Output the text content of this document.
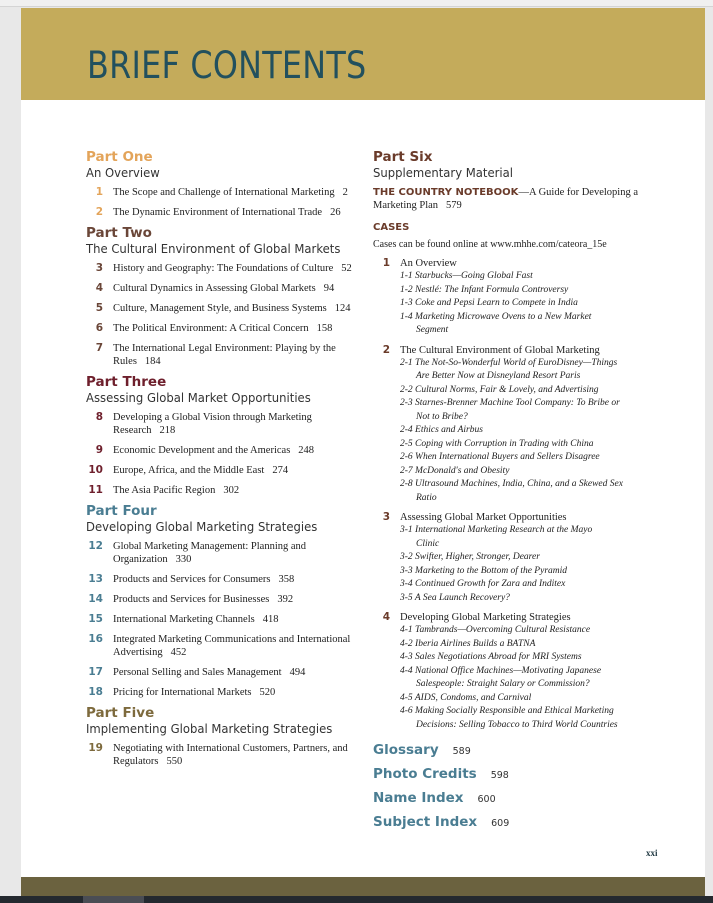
BRIEF CONTENTS
xxi
Part One
An Overview
1 The Scope and Challenge of International Marketing 2
2 The Dynamic Environment of International Trade 26
Part Two
The Cultural Environment of Global Markets
3 History and Geography: The Foundations of Culture 52
4 Cultural Dynamics in Assessing Global Markets 94
5 Culture, Management Style, and Business Systems 124
6 The Political Environment: A Critical Concern 158
7 The International Legal Environment: Playing by the Rules 184
Part Three
Assessing Global Market Opportunities
8 Developing a Global Vision through Marketing Research 218
9 Economic Development and the Americas 248
10 Europe, Africa, and the Middle East 274
11 The Asia Pacific Region 302
Part Four
Developing Global Marketing Strategies
12 Global Marketing Management: Planning and Organization 330
13 Products and Services for Consumers 358
14 Products and Services for Businesses 392
15 International Marketing Channels 418
16 Integrated Marketing Communications and International Advertising 452
17 Personal Selling and Sales Management 494
18 Pricing for International Markets 520
Part Five
Implementing Global Marketing Strategies
19 Negotiating with International Customers, Partners, and Regulators 550
Part Six
Supplementary Material
THE COUNTRY NOTEBOOK—A Guide for Developing a Marketing Plan 579
CASES
Cases can be found online at www.mhhe.com/cateora_15e
1 An Overview
1-1 Starbucks—Going Global Fast
1-2 Nestlé: The Infant Formula Controversy
1-3 Coke and Pepsi Learn to Compete in India
1-4 Marketing Microwave Ovens to a New Market
Segment
2 The Cultural Environment of Global Marketing
2-1 The Not-So-Wonderful World of EuroDisney—Things
Are Better Now at Disneyland Resort Paris
2-2 Cultural Norms, Fair & Lovely, and Advertising
2-3 Starnes-Brenner Machine Tool Company: To Bribe or
Not to Bribe?
2-4 Ethics and Airbus
2-5 Coping with Corruption in Trading with China
2-6 When International Buyers and Sellers Disagree
2-7 McDonald's and Obesity
2-8 Ultrasound Machines, India, China, and a Skewed Sex
Ratio
3 Assessing Global Market Opportunities
3-1 International Marketing Research at the Mayo
Clinic
3-2 Swifter, Higher, Stronger, Dearer
3-3 Marketing to the Bottom of the Pyramid
3-4 Continued Growth for Zara and Inditex
3-5 A Sea Launch Recovery?
4 Developing Global Marketing Strategies
4-1 Tambrands—Overcoming Cultural Resistance
4-2 Iberia Airlines Builds a BATNA
4-3 Sales Negotiations Abroad for MRI Systems
4-4 National Office Machines—Motivating Japanese
Salespeople: Straight Salary or Commission?
4-5 AIDS, Condoms, and Carnival
4-6 Making Socially Responsible and Ethical Marketing
Decisions: Selling Tobacco to Third World Countries
Glossary 589
Photo Credits 598
Name Index 600
Subject Index 609
